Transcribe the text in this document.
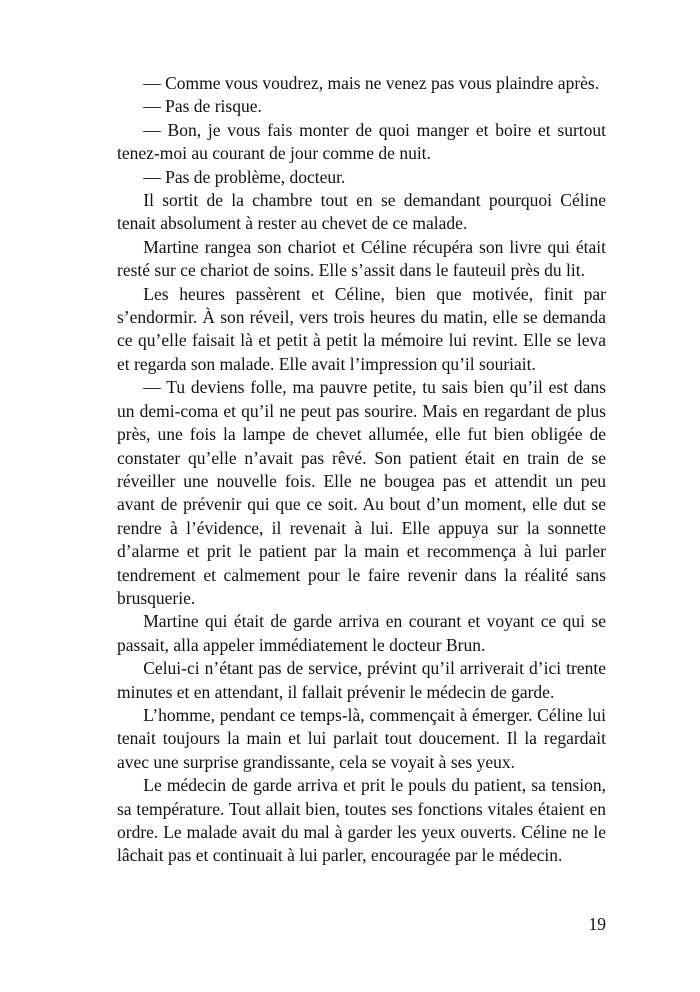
— Comme vous voudrez, mais ne venez pas vous plaindre après.

— Pas de risque.

— Bon, je vous fais monter de quoi manger et boire et surtout tenez-moi au courant de jour comme de nuit.

— Pas de problème, docteur.

Il sortit de la chambre tout en se demandant pourquoi Céline tenait absolument à rester au chevet de ce malade.

Martine rangea son chariot et Céline récupéra son livre qui était resté sur ce chariot de soins. Elle s’assit dans le fauteuil près du lit.

Les heures passèrent et Céline, bien que motivée, finit par s’endormir. À son réveil, vers trois heures du matin, elle se demanda ce qu’elle faisait là et petit à petit la mémoire lui revint. Elle se leva et regarda son malade. Elle avait l’impression qu’il souriait.

— Tu deviens folle, ma pauvre petite, tu sais bien qu’il est dans un demi-coma et qu’il ne peut pas sourire. Mais en regardant de plus près, une fois la lampe de chevet allumée, elle fut bien obligée de constater qu’elle n’avait pas rêvé. Son patient était en train de se réveiller une nouvelle fois. Elle ne bougea pas et attendit un peu avant de prévenir qui que ce soit. Au bout d’un moment, elle dut se rendre à l’évidence, il revenait à lui. Elle appuya sur la sonnette d’alarme et prit le patient par la main et recommença à lui parler tendrement et calmement pour le faire revenir dans la réalité sans brusquerie.

Martine qui était de garde arriva en courant et voyant ce qui se passait, alla appeler immédiatement le docteur Brun.

Celui-ci n’étant pas de service, prévint qu’il arriverait d’ici trente minutes et en attendant, il fallait prévenir le médecin de garde.

L’homme, pendant ce temps-là, commençait à émerger. Céline lui tenait toujours la main et lui parlait tout doucement. Il la regardait avec une surprise grandissante, cela se voyait à ses yeux.

Le médecin de garde arriva et prit le pouls du patient, sa tension, sa température. Tout allait bien, toutes ses fonctions vitales étaient en ordre. Le malade avait du mal à garder les yeux ouverts. Céline ne le lâchait pas et continuait à lui parler, encouragée par le médecin.

19
